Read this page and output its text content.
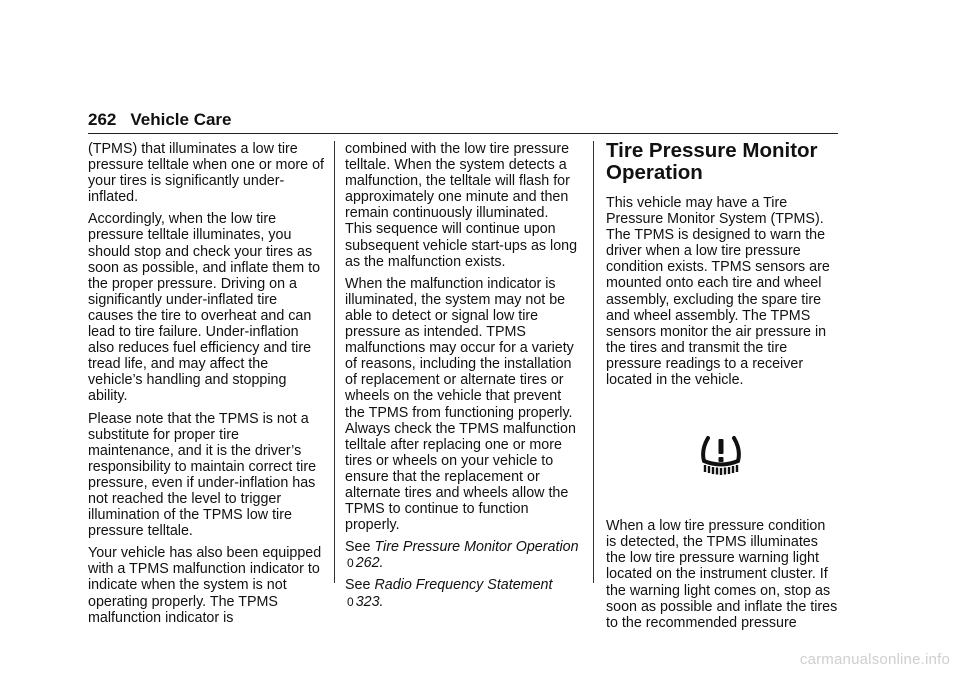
262 Vehicle Care

(TPMS) that illuminates a low tire pressure telltale when one or more of your tires is significantly under-inflated.

Accordingly, when the low tire pressure telltale illuminates, you should stop and check your tires as soon as possible, and inflate them to the proper pressure. Driving on a significantly under-inflated tire causes the tire to overheat and can lead to tire failure. Under-inflation also reduces fuel efficiency and tire tread life, and may affect the vehicle’s handling and stopping ability.

Please note that the TPMS is not a substitute for proper tire maintenance, and it is the driver’s responsibility to maintain correct tire pressure, even if under-inflation has not reached the level to trigger illumination of the TPMS low tire pressure telltale.

Your vehicle has also been equipped with a TPMS malfunction indicator to indicate when the system is not operating properly. The TPMS malfunction indicator is

combined with the low tire pressure telltale. When the system detects a malfunction, the telltale will flash for approximately one minute and then remain continuously illuminated. This sequence will continue upon subsequent vehicle start-ups as long as the malfunction exists.

When the malfunction indicator is illuminated, the system may not be able to detect or signal low tire pressure as intended. TPMS malfunctions may occur for a variety of reasons, including the installation of replacement or alternate tires or wheels on the vehicle that prevent the TPMS from functioning properly. Always check the TPMS malfunction telltale after replacing one or more tires or wheels on your vehicle to ensure that the replacement or alternate tires and wheels allow the TPMS to continue to function properly.

See Tire Pressure Monitor Operation 0 262.

See Radio Frequency Statement
0 323.

Tire Pressure Monitor Operation

This vehicle may have a Tire Pressure Monitor System (TPMS). The TPMS is designed to warn the driver when a low tire pressure condition exists. TPMS sensors are mounted onto each tire and wheel assembly, excluding the spare tire and wheel assembly. The TPMS sensors monitor the air pressure in the tires and transmit the tire pressure readings to a receiver located in the vehicle.

When a low tire pressure condition is detected, the TPMS illuminates the low tire pressure warning light located on the instrument cluster. If the warning light comes on, stop as soon as possible and inflate the tires to the recommended pressure

carmanualsonline.info
